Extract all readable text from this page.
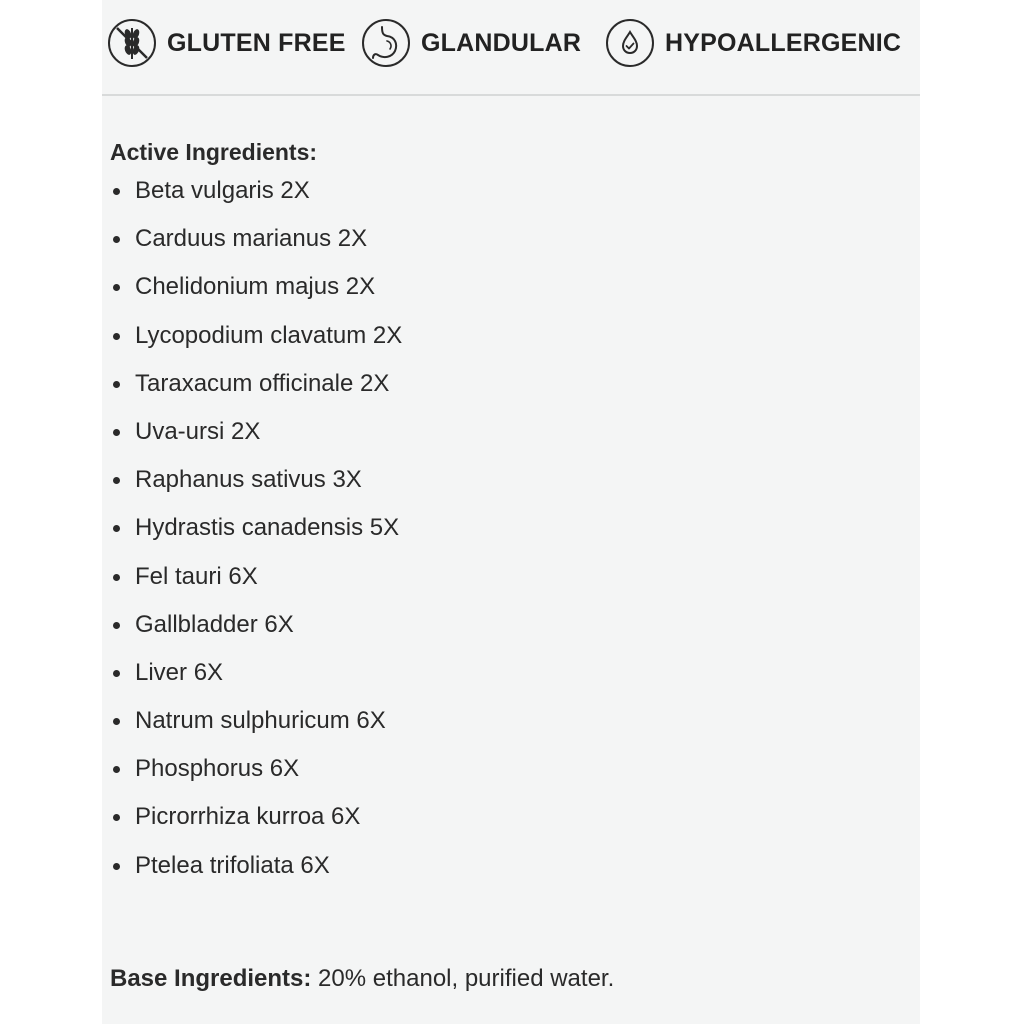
GLUTEN FREE	GLANDULAR	HYPOALLERGENIC
Active Ingredients:
Beta vulgaris 2X
Carduus marianus 2X
Chelidonium majus 2X
Lycopodium clavatum 2X
Taraxacum officinale 2X
Uva-ursi 2X
Raphanus sativus 3X
Hydrastis canadensis 5X
Fel tauri 6X
Gallbladder 6X
Liver 6X
Natrum sulphuricum 6X
Phosphorus 6X
Picrorrhiza kurroa 6X
Ptelea trifoliata 6X
Base Ingredients: 20% ethanol, purified water.
